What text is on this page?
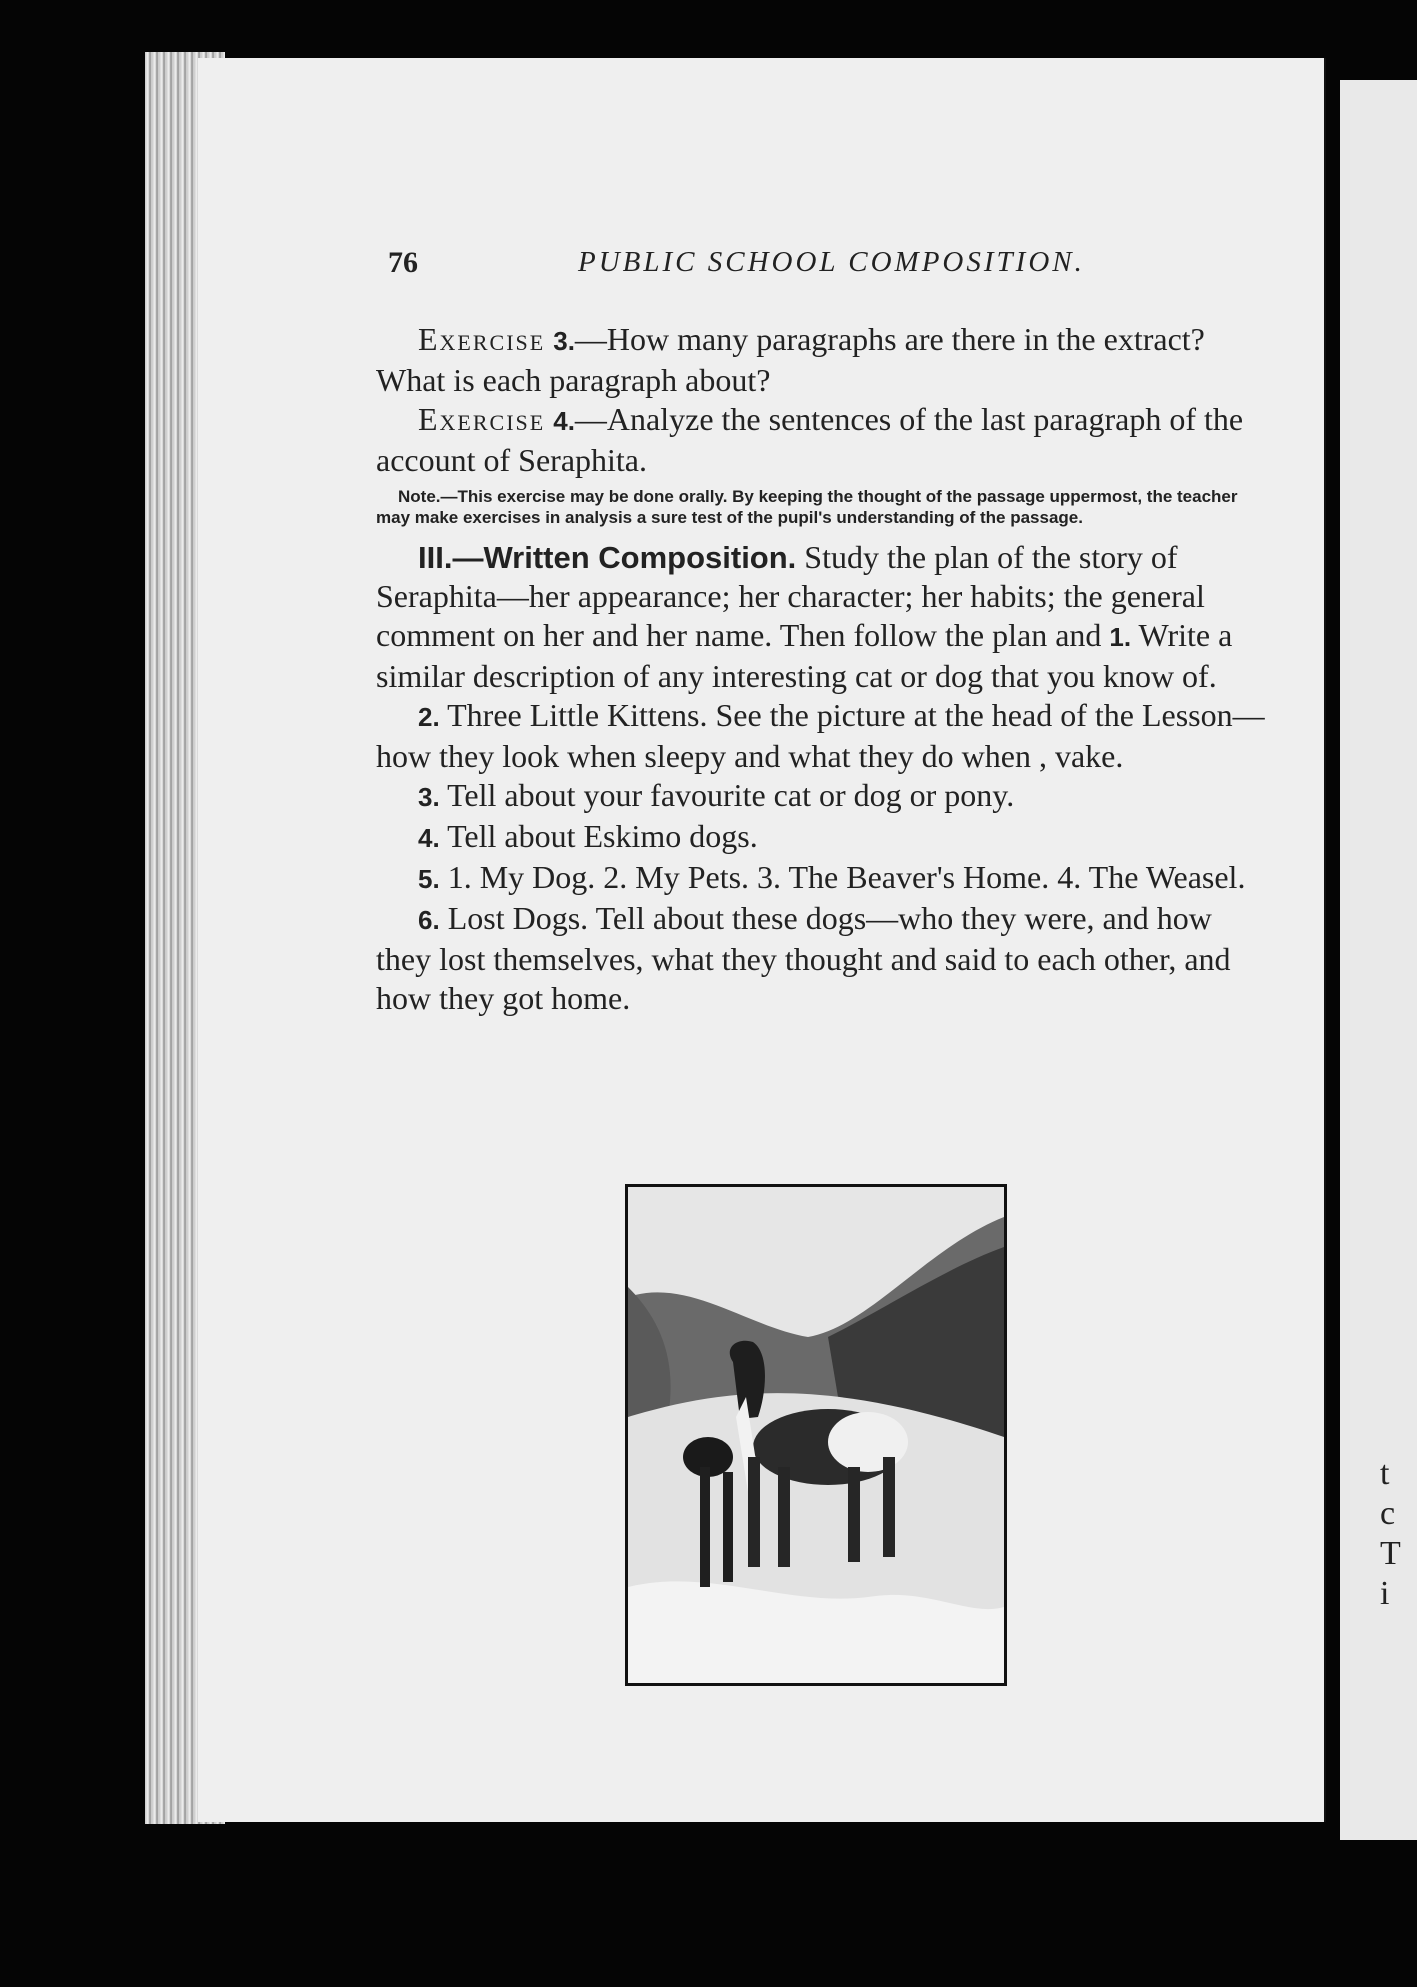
t
c
T
i
76	PUBLIC SCHOOL COMPOSITION.

Exercise 3.—How many paragraphs are there in the extract? What is each paragraph about?

Exercise 4.—Analyze the sentences of the last paragraph of the account of Seraphita.

Note.—This exercise may be done orally. By keeping the thought of the passage uppermost, the teacher may make exercises in analysis a sure test of the pupil's understanding of the passage.

III.—Written Composition. Study the plan of the story of Seraphita—her appearance; her character; her habits; the general comment on her and her name. Then follow the plan and 1. Write a similar description of any interesting cat or dog that you know of.

2. Three Little Kittens. See the picture at the head of the Lesson—how they look when sleepy and what they do when , vake.

3. Tell about your favourite cat or dog or pony.

4. Tell about Eskimo dogs.

5. 1. My Dog. 2. My Pets. 3. The Beaver's Home. 4. The Weasel.

6. Lost Dogs. Tell about these dogs—who they were, and how they lost themselves, what they thought and said to each other, and how they got home.
